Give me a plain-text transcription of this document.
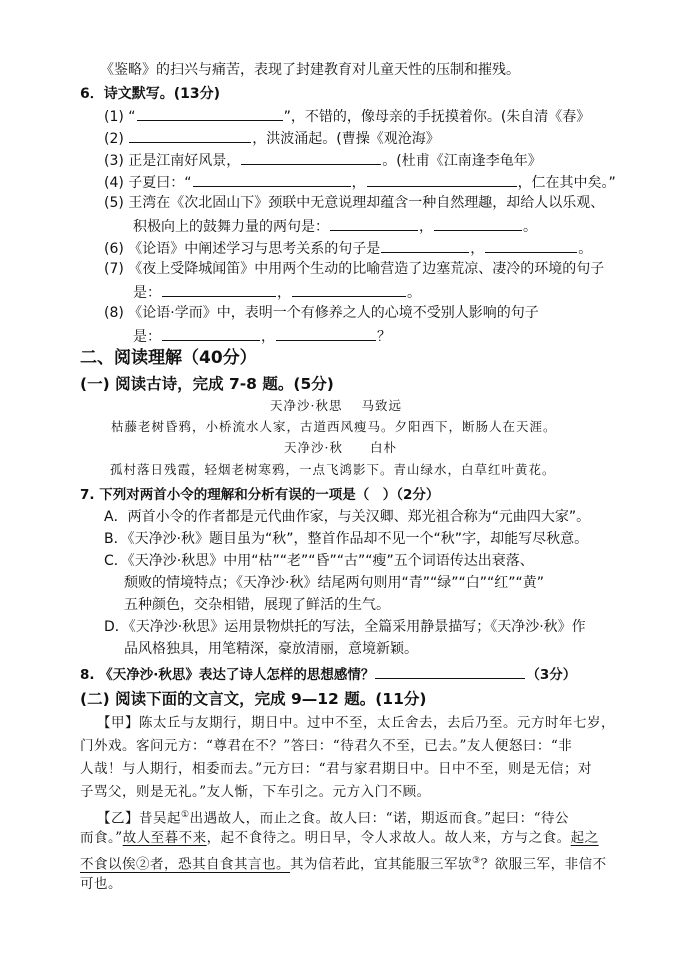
《鉴略》的扫兴与痛苦，表现了封建教育对儿童天性的压制和摧残。
6．诗文默写。(13分)
(1) “	”，不错的，像母亲的手抚摸着你。(朱自清《春》
(2)	，洪波涌起。(曹操《观沧海》
(3) 正是江南好风景，	。(杜甫《江南逢李龟年》
(4) 子夏曰：“	，	，仁在其中矣。”
(5) 王湾在《次北固山下》颈联中无意说理却蕴含一种自然理趣，却给人以乐观、
积极向上的鼓舞力量的两句是：	，	。
(6) 《论语》中阐述学习与思考关系的句子是	，	。
(7) 《夜上受降城闻笛》中用两个生动的比喻营造了边塞荒凉、凄冷的环境的句子
是：	，	。
(8) 《论语·学而》中，表明一个有修养之人的心境不受别人影响的句子
是：	，	？
二、阅读理解（40分）
(一) 阅读古诗，完成 7-8 题。(5分)
天净沙·秋思 马致远
枯藤老树昏鸦，小桥流水人家，古道西风瘦马。夕阳西下，断肠人在天涯。
天净沙·秋 白朴
孤村落日残霞，轻烟老树寒鸦，一点飞鸿影下。青山绿水，白草红叶黄花。
7. 下列对两首小令的理解和分析有误的一项是（　）（2分）
A．两首小令的作者都是元代曲作家，与关汉卿、郑光祖合称为“元曲四大家”。
B．《天净沙·秋》题目虽为“秋”，整首作品却不见一个“秋”字，却能写尽秋意。
C．《天净沙·秋思》中用“枯”“老”“昏”“古”“瘦”五个词语传达出衰落、
颓败的情境特点；《天净沙·秋》结尾两句则用“青”“绿”“白”“红”“黄”
五种颜色，交杂相错，展现了鲜活的生气。
D．《天净沙·秋思》运用景物烘托的写法，全篇采用静景描写；《天净沙·秋》作
品风格独具，用笔精深，豪放清丽，意境新颖。
8. 《天净沙·秋思》表达了诗人怎样的思想感情？	（3分）
(二) 阅读下面的文言文，完成 9—12 题。(11分)
【甲】陈太丘与友期行，期日中。过中不至，太丘舍去，去后乃至。元方时年七岁，
门外戏。客问元方：“尊君在不？”答曰：“待君久不至，已去。”友人便怒曰：“非
人哉！与人期行，相委而去。”元方曰：“君与家君期日中。日中不至，则是无信；对
子骂父，则是无礼。”友人惭，下车引之。元方入门不顾。
【乙】昔吴起①出遇故人，而止之食。故人曰：“诺，期返而食。”起曰：“待公
而食。”故人至暮不来，起不食待之。明日早，令人求故人。故人来，方与之食。起之
不食以俟②者，恐其自食其言也。其为信若此，宜其能服三军欤③？欲服三军，非信不
可也。
